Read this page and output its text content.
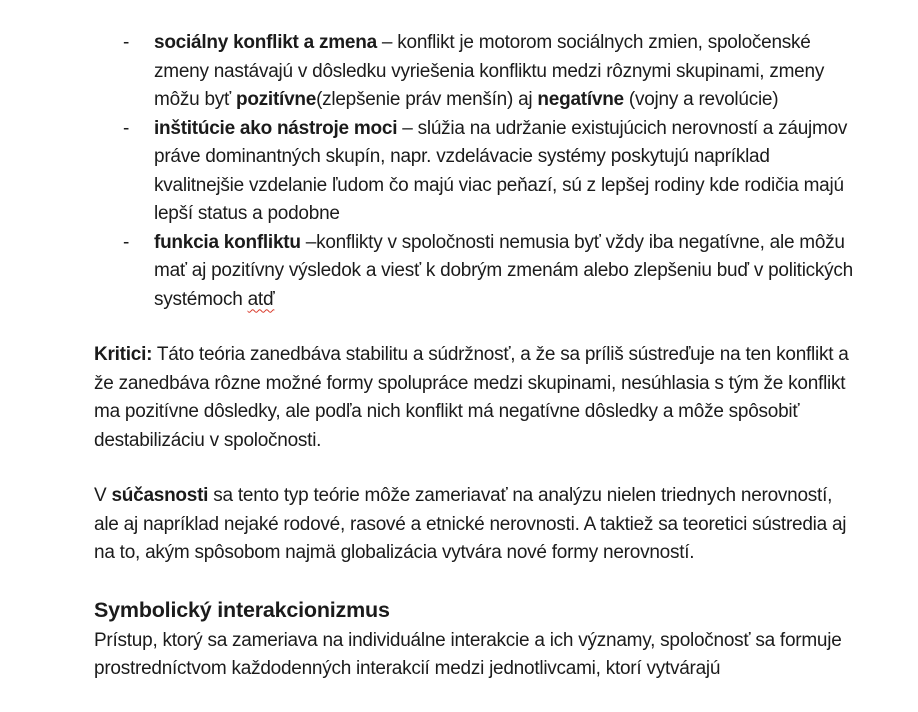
- sociálny konflikt a zmena – konflikt je motorom sociálnych zmien, spoločenské zmeny nastávajú v dôsledku vyriešenia konfliktu medzi rôznymi skupinami, zmeny môžu byť pozitívne(zlepšenie práv menšín) aj negatívne (vojny a revolúcie)
- inštitúcie ako nástroje moci – slúžia na udržanie existujúcich nerovností a záujmov práve dominantných skupín, napr. vzdelávacie systémy poskytujú napríklad kvalitnejšie vzdelanie ľudom čo majú viac peňazí, sú z lepšej rodiny kde rodičia majú lepší status a podobne
- funkcia konfliktu –konflikty v spoločnosti nemusia byť vždy iba negatívne, ale môžu mať aj pozitívny výsledok a viesť k dobrým zmenám alebo zlepšeniu buď v politických systémoch atď

Kritici: Táto teória zanedbáva stabilitu a súdržnosť, a že sa príliš sústreďuje na ten konflikt a že zanedbáva rôzne možné formy spolupráce medzi skupinami, nesúhlasia s tým že konflikt ma pozitívne dôsledky, ale podľa nich konflikt má negatívne dôsledky a môže spôsobiť destabilizáciu v spoločnosti.

V súčasnosti sa tento typ teórie môže zameriavať na analýzu nielen triednych nerovností, ale aj napríklad nejaké rodové, rasové a etnické nerovnosti. A taktiež sa teoretici sústredia aj na to, akým spôsobom najmä globalizácia vytvára nové formy nerovností.

Symbolický interakcionizmus

Prístup, ktorý sa zameriava na individuálne interakcie a ich významy, spoločnosť sa formuje prostredníctvom každodenných interakcií medzi jednotlivcami, ktorí vytvárajú
